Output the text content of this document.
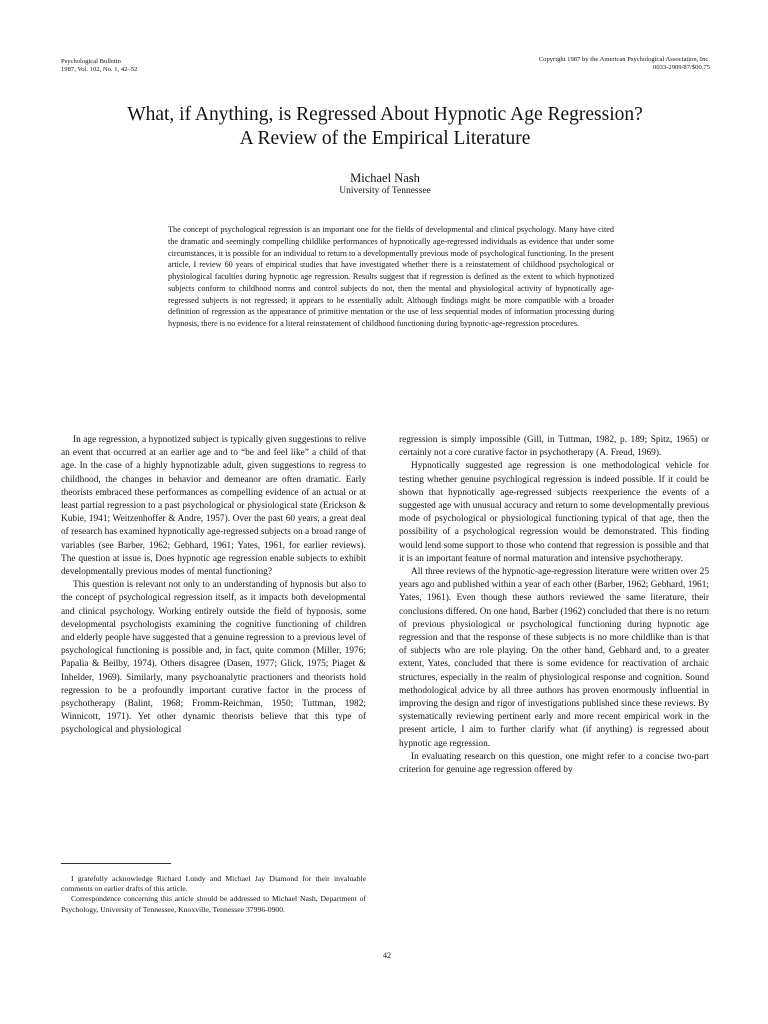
Psychological Bulletin
1987, Vol. 102, No. 1, 42–52
Copyright 1987 by the American Psychological Association, Inc.
0033-2909/87/$00.75
What, if Anything, is Regressed About Hypnotic Age Regression?
A Review of the Empirical Literature
Michael Nash
University of Tennessee
The concept of psychological regression is an important one for the fields of developmental and clinical psychology. Many have cited the dramatic and seemingly compelling childlike performances of hypnotically age-regressed individuals as evidence that under some circumstances, it is possible for an individual to return to a developmentally previous mode of psychological functioning. In the present article, I review 60 years of empirical studies that have investigated whether there is a reinstatement of childhood psychological or physiological faculties during hypnotic age regression. Results suggest that if regression is defined as the extent to which hypnotized subjects conform to childhood norms and control subjects do not, then the mental and physiological activity of hypnotically age-regressed subjects is not regressed; it appears to be essentially adult. Although findings might be more compatible with a broader definition of regression as the appearance of primitive mentation or the use of less sequential modes of information processing during hypnosis, there is no evidence for a literal reinstatement of childhood functioning during hypnotic-age-regression procedures.

In age regression, a hypnotized subject is typically given suggestions to relive an event that occurred at an earlier age and to “be and feel like” a child of that age. In the case of a highly hypnotizable adult, given suggestions to regress to childhood, the changes in behavior and demeanor are often dramatic. Early theorists embraced these performances as compelling evidence of an actual or at least partial regression to a past psychological or physiological state (Erickson & Kubie, 1941; Weitzenhoffer & Andre, 1957). Over the past 60 years, a great deal of research has examined hypnotically age-regressed subjects on a broad range of variables (see Barber, 1962; Gebhard, 1961; Yates, 1961, for earlier reviews). The question at issue is, Does hypnotic age regression enable subjects to exhibit developmentally previous modes of mental functioning?

This question is relevant not only to an understanding of hypnosis but also to the concept of psychological regression itself, as it impacts both developmental and clinical psychology. Working entirely outside the field of hypnosis, some developmental psychologists examining the cognitive functioning of children and elderly people have suggested that a genuine regression to a previous level of psychological functioning is possible and, in fact, quite common (Miller, 1976; Papalia & Beilby, 1974). Others disagree (Dasen, 1977; Glick, 1975; Piaget & Inhelder, 1969). Similarly, many psychoanalytic practioners and theorists hold regression to be a profoundly important curative factor in the process of psychotherapy (Balint, 1968; Fromm-Reichman, 1950; Tuttman, 1982; Winnicott, 1971). Yet other dynamic theorists believe that this type of psychological and physiological

I gratefully acknowledge Richard Lundy and Michael Jay Diamond for their invaluable comments on earlier drafts of this article.

Correspondence concerning this article should be addressed to Michael Nash, Department of Psychology, University of Tennessee, Knoxville, Tennessee 37996-0900.

regression is simply impossible (Gill, in Tuttman, 1982, p. 189; Spitz, 1965) or certainly not a core curative factor in psychotherapy (A. Freud, 1969).

Hypnotically suggested age regression is one methodological vehicle for testing whether genuine psychlogical regression is indeed possible. If it could be shown that hypnotically age-regressed subjects reexperience the events of a suggested age with unusual accuracy and return to some developmentally previous mode of psychological or physiological functioning typical of that age, then the possibility of a psychological regression would be demonstrated. This finding would lend some support to those who contend that regression is possible and that it is an important feature of normal maturation and intensive psychotherapy.

All three reviews of the hypnotic-age-regression literature were written over 25 years ago and published within a year of each other (Barber, 1962; Gebhard, 1961; Yates, 1961). Even though these authors reviewed the same literature, their conclusions differed. On one hand, Barber (1962) concluded that there is no return of previous physiological or psychological functioning during hypnotic age regression and that the response of these subjects is no more childlike than is that of subjects who are role playing. On the other hand, Gebhard and, to a greater extent, Yates, concluded that there is some evidence for reactivation of archaic structures, especially in the realm of physiological response and cognition. Sound methodological advice by all three authors has proven enormously influential in improving the design and rigor of investigations published since these reviews. By systematically reviewing pertinent early and more recent empirical work in the present article, I aim to further clarify what (if anything) is regressed about hypnotic age regression.

In evaluating research on this question, one might refer to a concise two-part criterion for genuine age regression offered by

42
